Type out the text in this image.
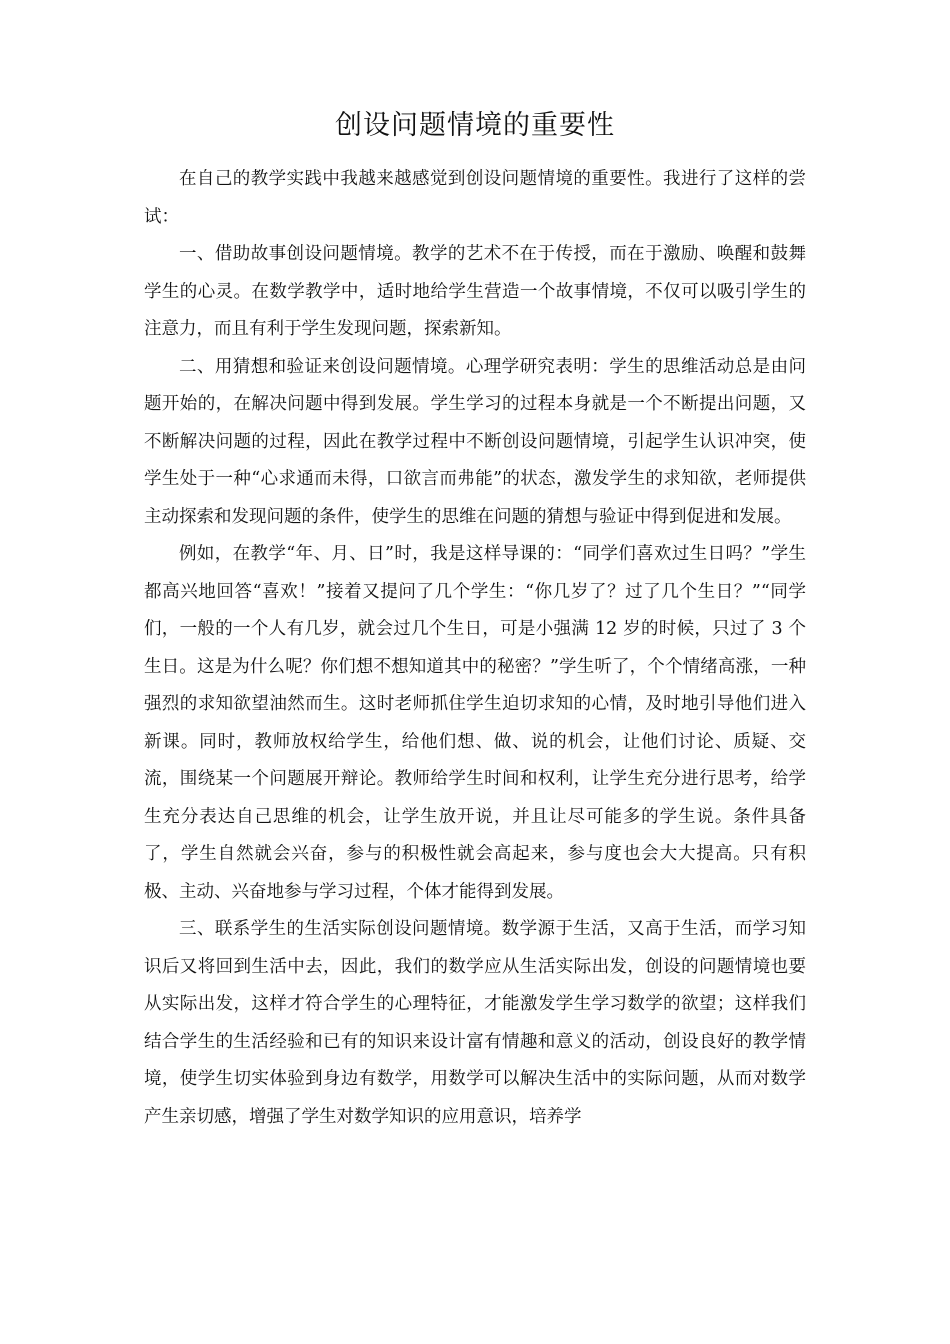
创设问题情境的重要性

在自己的教学实践中我越来越感觉到创设问题情境的重要性。我进行了这样的尝试：

一、借助故事创设问题情境。教学的艺术不在于传授，而在于激励、唤醒和鼓舞学生的心灵。在数学教学中，适时地给学生营造一个故事情境，不仅可以吸引学生的注意力，而且有利于学生发现问题，探索新知。

二、用猜想和验证来创设问题情境。心理学研究表明：学生的思维活动总是由问题开始的，在解决问题中得到发展。学生学习的过程本身就是一个不断提出问题，又不断解决问题的过程，因此在教学过程中不断创设问题情境，引起学生认识冲突，使学生处于一种“心求通而未得，口欲言而弗能”的状态，激发学生的求知欲，老师提供主动探索和发现问题的条件，使学生的思维在问题的猜想与验证中得到促进和发展。

例如，在教学“年、月、日”时，我是这样导课的：“同学们喜欢过生日吗？”学生都高兴地回答“喜欢！”接着又提问了几个学生：“你几岁了？过了几个生日？”“同学们，一般的一个人有几岁，就会过几个生日，可是小强满 12 岁的时候，只过了 3 个生日。这是为什么呢？你们想不想知道其中的秘密？”学生听了，个个情绪高涨，一种强烈的求知欲望油然而生。这时老师抓住学生迫切求知的心情，及时地引导他们进入新课。同时，教师放权给学生，给他们想、做、说的机会，让他们讨论、质疑、交流，围绕某一个问题展开辩论。教师给学生时间和权利，让学生充分进行思考，给学生充分表达自己思维的机会，让学生放开说，并且让尽可能多的学生说。条件具备了，学生自然就会兴奋，参与的积极性就会高起来，参与度也会大大提高。只有积极、主动、兴奋地参与学习过程，个体才能得到发展。

三、联系学生的生活实际创设问题情境。数学源于生活，又高于生活，而学习知识后又将回到生活中去，因此，我们的数学应从生活实际出发，创设的问题情境也要从实际出发，这样才符合学生的心理特征，才能激发学生学习数学的欲望；这样我们结合学生的生活经验和已有的知识来设计富有情趣和意义的活动，创设良好的教学情境，使学生切实体验到身边有数学，用数学可以解决生活中的实际问题，从而对数学产生亲切感，增强了学生对数学知识的应用意识，培养学
